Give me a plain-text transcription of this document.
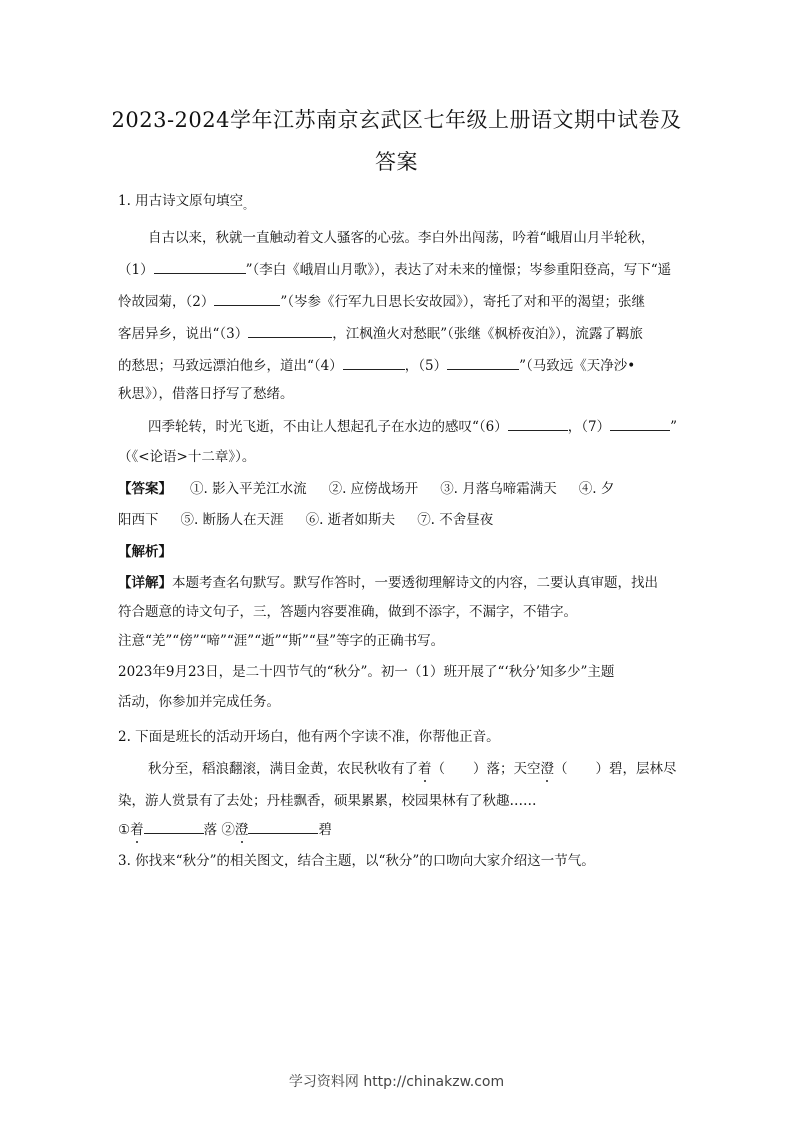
2023-2024学年江苏南京玄武区七年级上册语文期中试卷及
答案
1. 用古诗文原句填空$_。$
自古以来，秋就一直触动着文人骚客的心弦。李白外出闯荡，吟着“峨眉山月半轮秋，
（1）	”（李白《峨眉山月歌》），表达了对未来的憧憬；岑参重阳登高，写下“遥
怜故园菊，（2）	”（岑参《行军九日思长安故园》），寄托了对和平的渴望；张继
客居异乡，说出“（3）	，江枫渔火对愁眠”（张继《枫桥夜泊》），流露了羁旅
的愁思；马致远漂泊他乡，道出“（4）	，（5）	”（马致远《天净沙•
秋思》），借落日抒写了愁绪。
四季轮转，时光飞逝，不由让人想起孔子在水边的感叹“（6）	，（7）	”
（《<论语>十二章》）。
【答案】 ①. 影入平羌江水流 ②. 应傍战场开 ③. 月落乌啼霜满天 ④. 夕
阳西下 ⑤. 断肠人在天涯 ⑥. 逝者如斯夫 ⑦. 不舍昼夜
【解析】
【详解】本题考查名句默写。默写作答时，一要透彻理解诗文的内容，二要认真审题，找出
符合题意的诗文句子，三，答题内容要准确，做到不添字，不漏字，不错字。
注意“羌”“傍”“啼”“涯”“逝”“斯”“昼”等字的正确书写。
2023年9月23日，是二十四节气的“秋分”。初一（1）班开展了“‘秋分’知多少”主题
活动，你参加并完成任务。
2. 下面是班长的活动开场白，他有两个字读不准，你帮他正音。
秋分至，稻浪翻滚，满目金黄，农民秋收有了着（ ）落；天空澄（ ）碧，层林尽
染，游人赏景有了去处；丹桂飘香，硕果累累，校园果林有了秋趣……
①着	落 ②澄	碧
3. 你找来“秋分”的相关图文，结合主题，以“秋分”的口吻向大家介绍这一节气。
学习资料网 http://chinakzw.com
